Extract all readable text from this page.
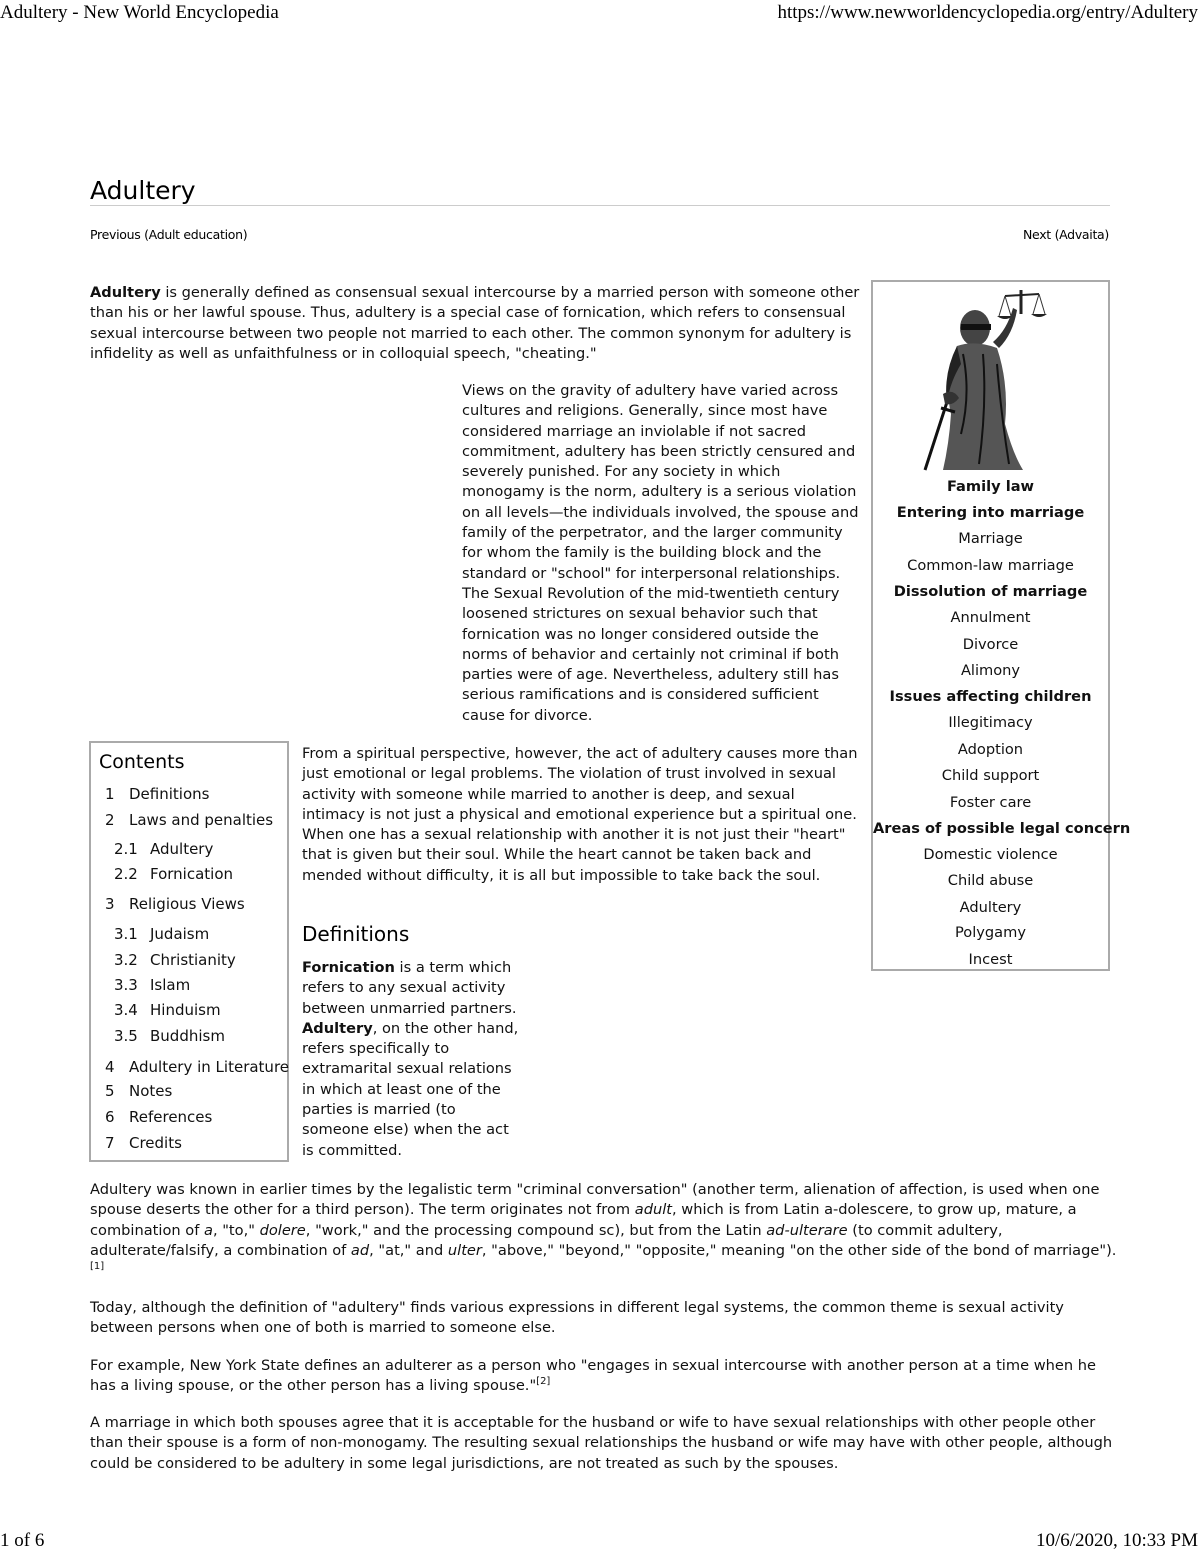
Adultery - New World Encyclopedia	https://www.newworldencyclopedia.org/entry/Adultery
1 of 6	10/6/2020, 10:33 PM
Adultery
Previous (Adult education)	Next (Advaita)

Adultery is generally defined as consensual sexual intercourse by a married person with someone other than his or her lawful spouse. Thus, adultery is a special case of fornication, which refers to consensual sexual intercourse between two people not married to each other. The common synonym for adultery is infidelity as well as unfaithfulness or in colloquial speech, "cheating."

Views on the gravity of adultery have varied across cultures and religions. Generally, since most have considered marriage an inviolable if not sacred commitment, adultery has been strictly censured and severely punished. For any society in which monogamy is the norm, adultery is a serious violation on all levels—the individuals involved, the spouse and family of the perpetrator, and the larger community for whom the family is the building block and the standard or "school" for interpersonal relationships. The Sexual Revolution of the mid-twentieth century loosened strictures on sexual behavior such that fornication was no longer considered outside the norms of behavior and certainly not criminal if both parties were of age. Nevertheless, adultery still has serious ramifications and is considered sufficient cause for divorce.

From a spiritual perspective, however, the act of adultery causes more than just emotional or legal problems. The violation of trust involved in sexual activity with someone while married to another is deep, and sexual intimacy is not just a physical and emotional experience but a spiritual one. When one has a sexual relationship with another it is not just their "heart" that is given but their soul. While the heart cannot be taken back and mended without difficulty, it is all but impossible to take back the soul.

Definitions

Fornication is a term which refers to any sexual activity between unmarried partners. Adultery, on the other hand, refers specifically to extramarital sexual relations in which at least one of the parties is married (to someone else) when the act is committed.

Adultery was known in earlier times by the legalistic term "criminal conversation" (another term, alienation of affection, is used when one spouse deserts the other for a third person). The term originates not from adult, which is from Latin a-dolescere, to grow up, mature, a combination of a, "to," dolere, "work," and the processing compound sc), but from the Latin ad-ulterare (to commit adultery, adulterate/falsify, a combination of ad, "at," and ulter, "above," "beyond," "opposite," meaning "on the other side of the bond of marriage").[1]

Today, although the definition of "adultery" finds various expressions in different legal systems, the common theme is sexual activity between persons when one of both is married to someone else.

For example, New York State defines an adulterer as a person who "engages in sexual intercourse with another person at a time when he has a living spouse, or the other person has a living spouse."[2]

A marriage in which both spouses agree that it is acceptable for the husband or wife to have sexual relationships with other people other than their spouse is a form of non-monogamy. The resulting sexual relationships the husband or wife may have with other people, although could be considered to be adultery in some legal jurisdictions, are not treated as such by the spouses.

Contents
1 Definitions
2 Laws and penalties
2.1 Adultery
2.2 Fornication
3 Religious Views
3.1 Judaism
3.2 Christianity
3.3 Islam
3.4 Hinduism
3.5 Buddhism
4 Adultery in Literature
5 Notes
6 References
7 Credits
Family law
Entering into marriage
Marriage
Common-law marriage
Dissolution of marriage
Annulment
Divorce
Alimony
Issues affecting children
Illegitimacy
Adoption
Child support
Foster care
Areas of possible legal concern
Domestic violence
Child abuse
Adultery
Polygamy
Incest
